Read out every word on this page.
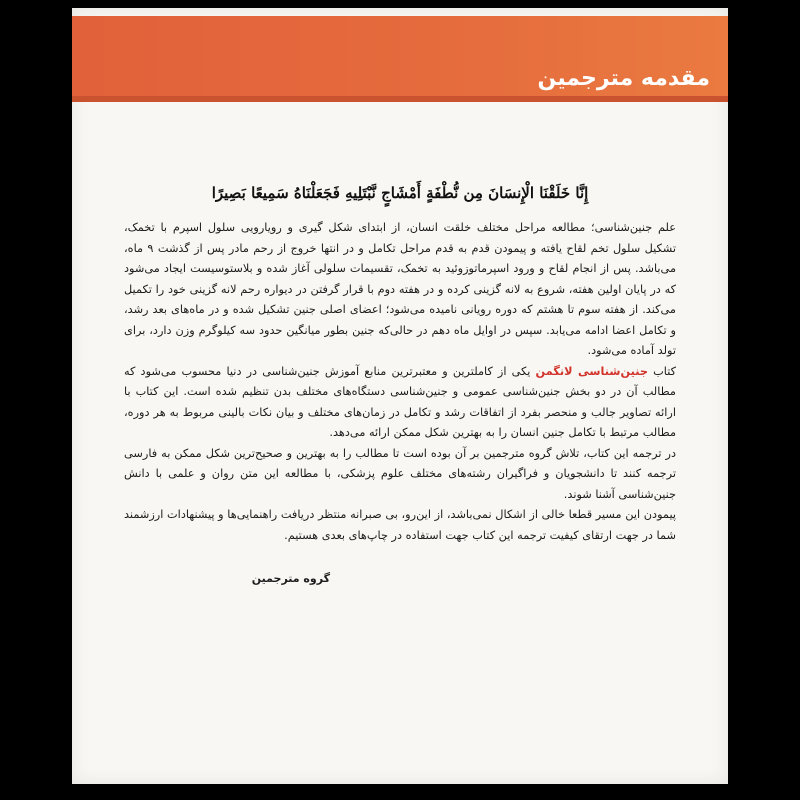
مقدمه مترجمین
إِنَّا خَلَقْنَا الْإِنسَانَ مِن نُّطْفَةٍ أَمْشَاجٍ نَّبْتَلِيهِ فَجَعَلْنَاهُ سَمِيعًا بَصِيرًا

علم جنین‌شناسی؛ مطالعه مراحل مختلف خلقت انسان، از ابتدای شکل گیری و رویارویی سلول اسپرم با تخمک، تشکیل سلول تخم لقاح یافته و پیمودن قدم به قدم مراحل تکامل و در انتها خروج از رحم مادر پس از گذشت ۹ ماه، می‌باشد. پس از انجام لقاح و ورود اسپرماتوزوئید به تخمک، تقسیمات سلولی آغاز شده و بلاستوسیست ایجاد می‌شود که در پایان اولین هفته، شروع به لانه گزینی کرده و در هفته دوم با قرار گرفتن در دیواره رحم لانه گزینی خود را تکمیل می‌کند. از هفته سوم تا هشتم که دوره رویانی نامیده می‌شود؛ اعضای اصلی جنین تشکیل شده و در ماه‌های بعد رشد، و تکامل اعضا ادامه می‌یابد. سپس در اوایل ماه دهم در حالی‌که جنین بطور میانگین حدود سه کیلوگرم وزن دارد، برای تولد آماده می‌شود.

کتاب جنین‌شناسی لانگمن یکی از کاملترین و معتبرترین منابع آموزش جنین‌شناسی در دنیا محسوب می‌شود که مطالب آن در دو بخش جنین‌شناسی عمومی و جنین‌شناسی دستگاه‌های مختلف بدن تنظیم شده است. این کتاب با ارائه تصاویر جالب و منحصر بفرد از اتفاقات رشد و تکامل در زمان‌های مختلف و بیان نکات بالینی مربوط به هر دوره، مطالب مرتبط با تکامل جنین انسان را به بهترین شکل ممکن ارائه می‌دهد.

در ترجمه این کتاب، تلاش گروه مترجمین بر آن بوده است تا مطالب را به بهترین و صحیح‌ترین شکل ممکن به فارسی ترجمه کنند تا دانشجویان و فراگیران رشته‌های مختلف علوم پزشکی، با مطالعه این متن روان و علمی با دانش جنین‌شناسی آشنا شوند.

پیمودن این مسیر قطعا خالی از اشکال نمی‌باشد، از این‌رو، بی صبرانه منتظر دریافت راهنمایی‌ها و پیشنهادات ارزشمند شما در جهت ارتقای کیفیت ترجمه این کتاب جهت استفاده در چاپ‌های بعدی هستیم.

گروه مترجمین
